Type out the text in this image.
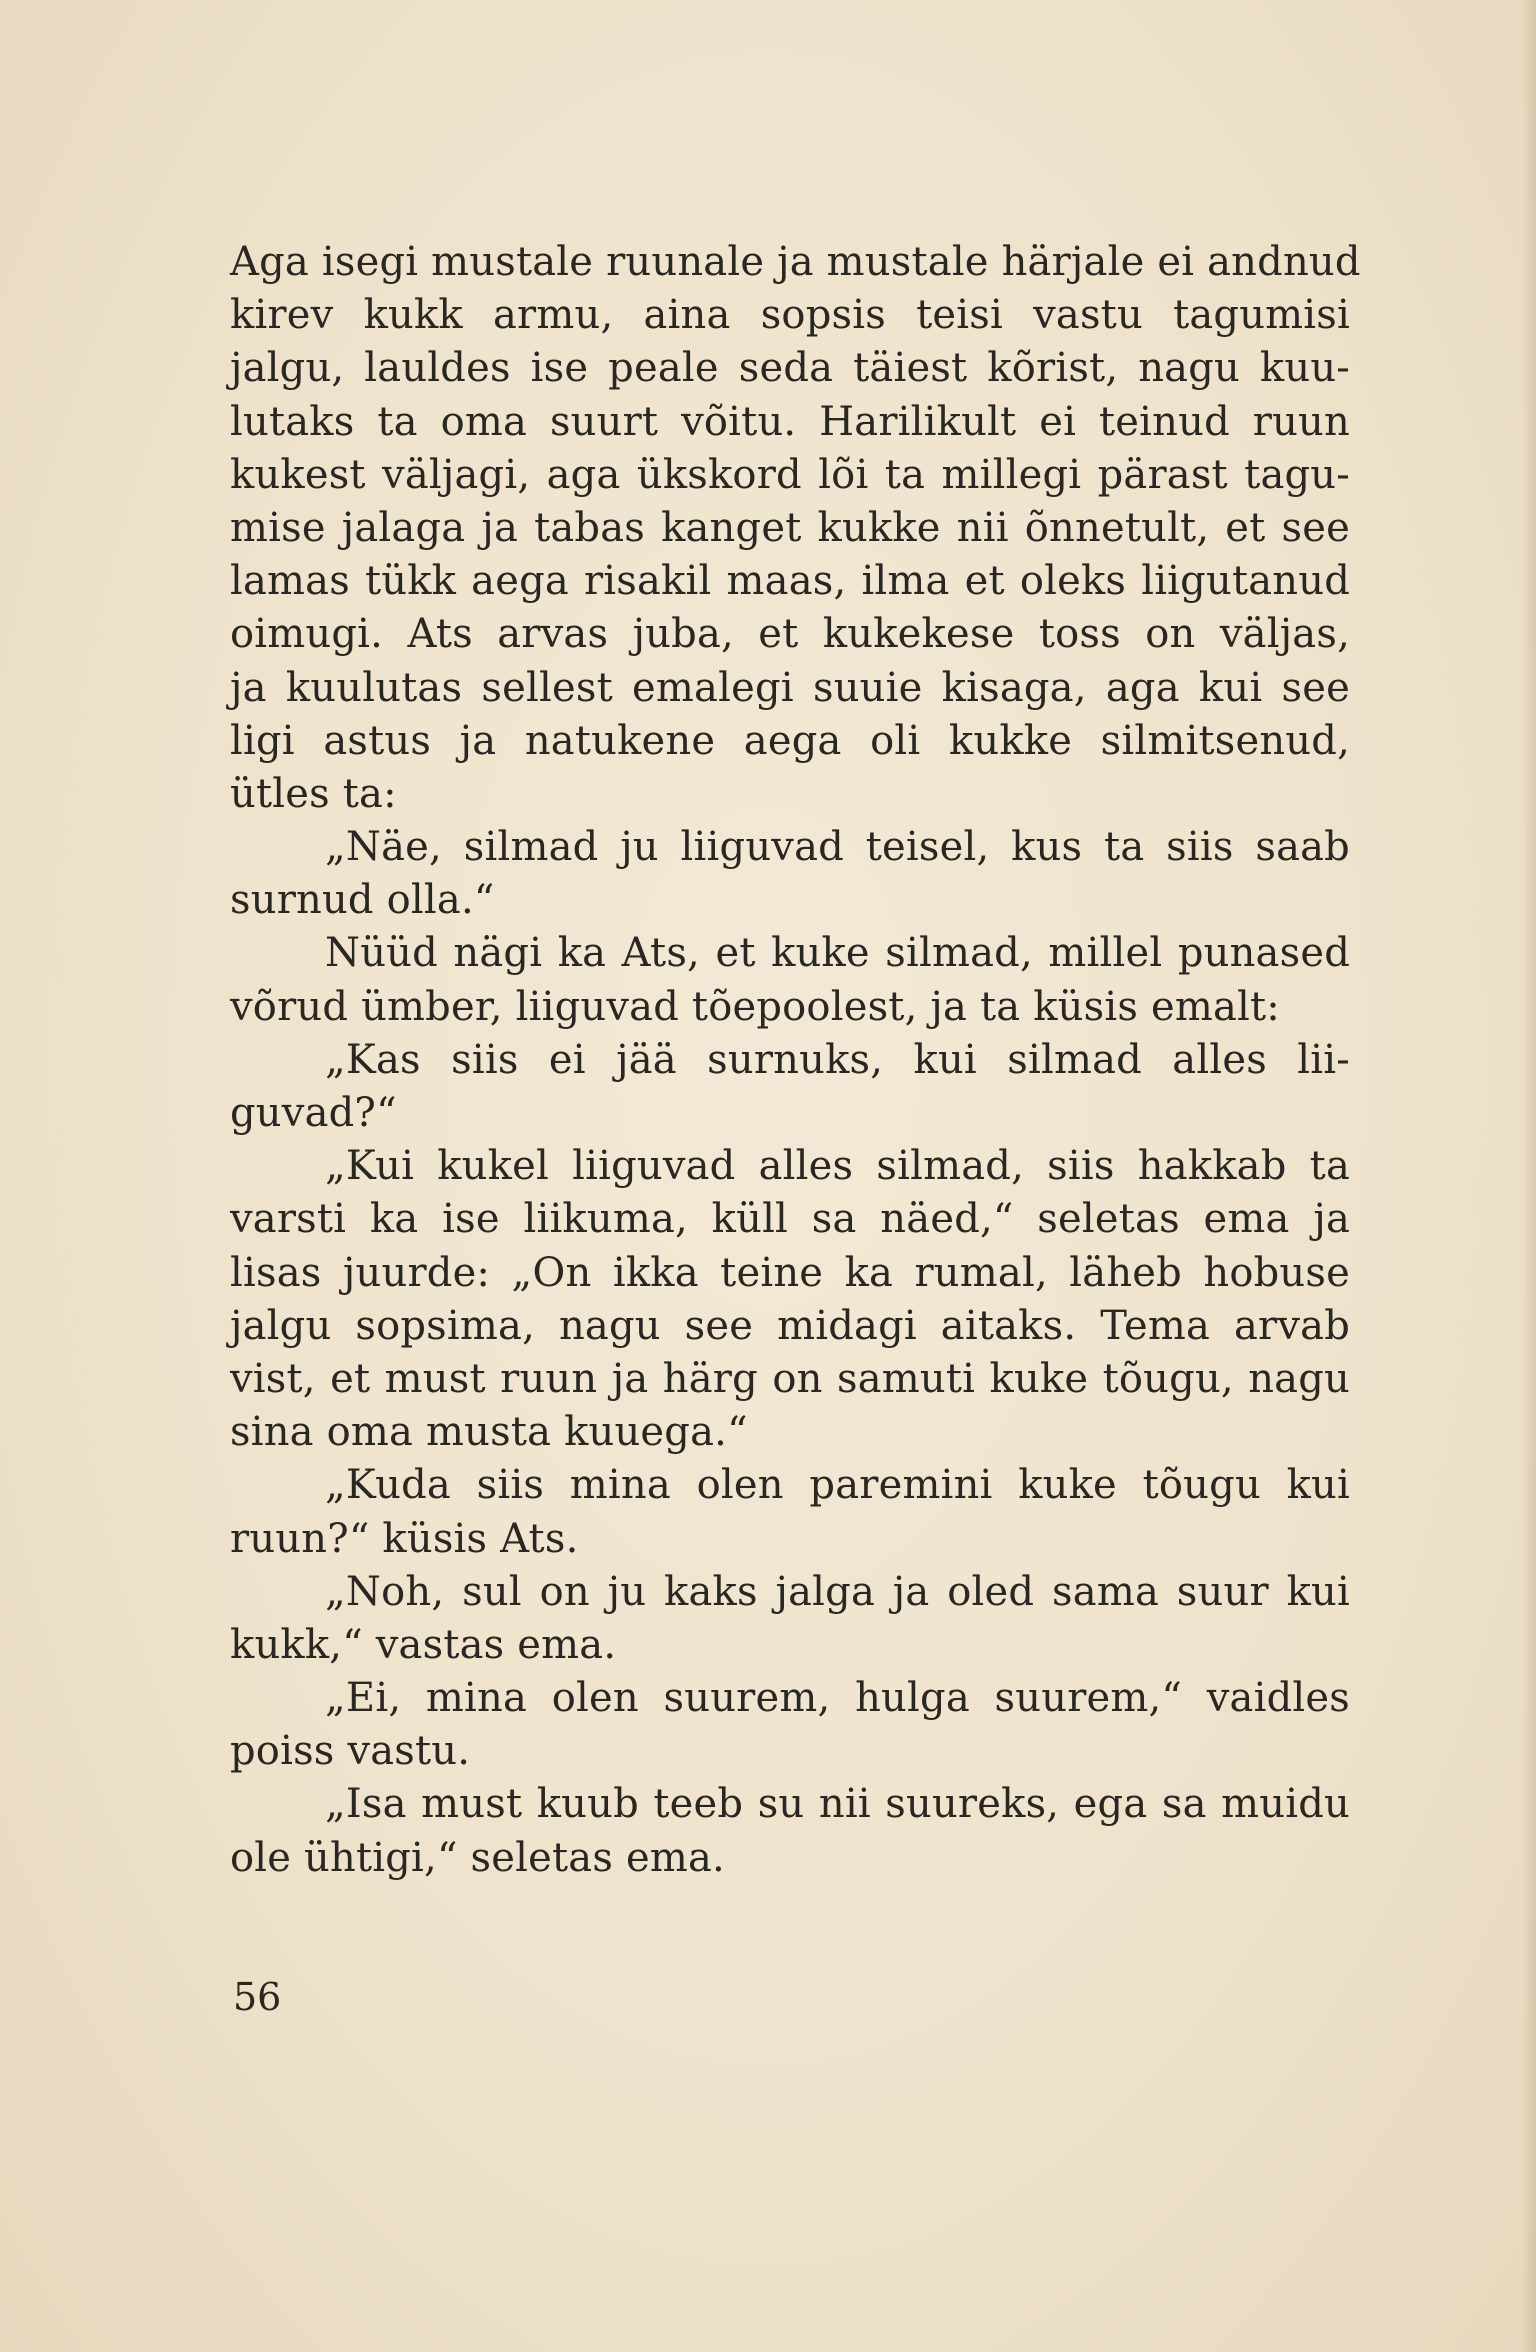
Aga isegi mustale ruunale ja mustale härjale ei andnud
kirev kukk armu, aina sopsis teisi vastu tagumisi
jalgu, lauldes ise peale seda täiest kõrist, nagu kuu-
lutaks ta oma suurt võitu. Harilikult ei teinud ruun
kukest väljagi, aga ükskord lõi ta millegi pärast tagu-
mise jalaga ja tabas kanget kukke nii õnnetult, et see
lamas tükk aega risakil maas, ilma et oleks liigutanud
oimugi. Ats arvas juba, et kukekese toss on väljas,
ja kuulutas sellest emalegi suuie kisaga, aga kui see
ligi astus ja natukene aega oli kukke silmitsenud,
ütles ta:
„Näe, silmad ju liiguvad teisel, kus ta siis saab
surnud olla.“
Nüüd nägi ka Ats, et kuke silmad, millel punased
võrud ümber, liiguvad tõepoolest, ja ta küsis emalt:
„Kas siis ei jää surnuks, kui silmad alles lii-
guvad?“
„Kui kukel liiguvad alles silmad, siis hakkab ta
varsti ka ise liikuma, küll sa näed,“ seletas ema ja
lisas juurde: „On ikka teine ka rumal, läheb hobuse
jalgu sopsima, nagu see midagi aitaks. Tema arvab
vist, et must ruun ja härg on samuti kuke tõugu, nagu
sina oma musta kuuega.“
„Kuda siis mina olen paremini kuke tõugu kui
ruun?“ küsis Ats.
„Noh, sul on ju kaks jalga ja oled sama suur kui
kukk,“ vastas ema.
„Ei, mina olen suurem, hulga suurem,“ vaidles
poiss vastu.
„Isa must kuub teeb su nii suureks, ega sa muidu
ole ühtigi,“ seletas ema.
56
